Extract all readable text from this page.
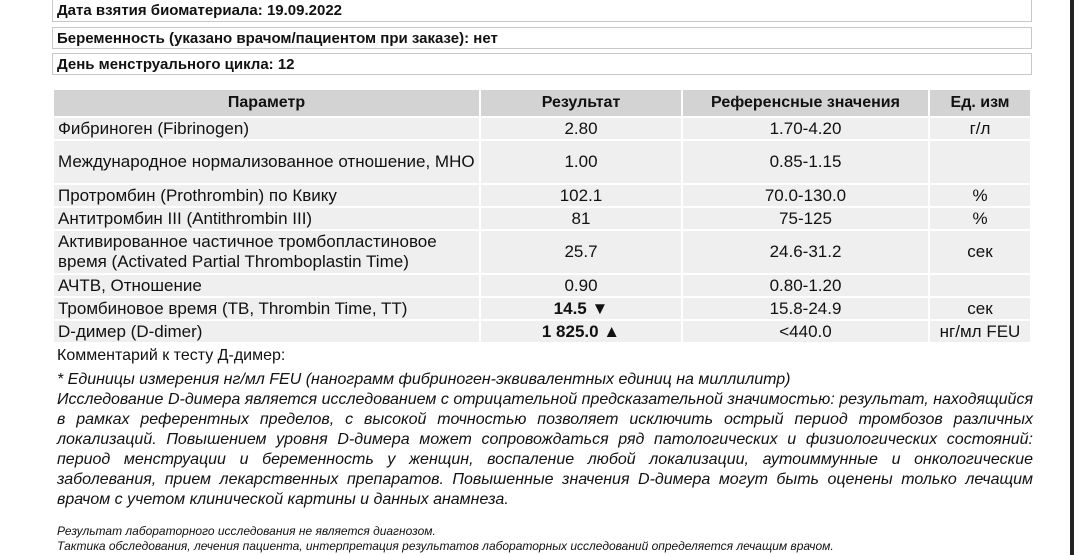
Дата взятия биоматериала: 19.09.2022
Беременность (указано врачом/пациентом при заказе): нет
День менструального цикла: 12
Параметр	Результат	Референсные значения	Ед. изм
Фибриноген (Fibrinogen)	2.80	1.70-4.20	г/л
Международное нормализованное отношение, МНО	1.00	0.85-1.15	
Протромбин (Prothrombin) по Квику	102.1	70.0-130.0	%
Антитромбин III (Antithrombin III)	81	75-125	%
Активированное частичное тромбопластиновое время (Activated Partial Thromboplastin Time)	25.7	24.6-31.2	сек
АЧТВ, Отношение	0.90	0.80-1.20	
Тромбиновое время (TB, Thrombin Time, TT)	14.5 ▼	15.8-24.9	сек
D-димер (D-dimer)	1 825.0 ▲	<440.0	нг/мл FEU
Комментарий к тесту Д-димер:

* Единицы измерения нг/мл FEU (нанограмм фибриноген-эквивалентных единиц на миллилитр)

Исследование D-димера является исследованием с отрицательной предсказательной значимостью: результат, находящийся в рамках референтных пределов, с высокой точностью позволяет исключить острый период тромбозов различных локализаций. Повышением уровня D-димера может сопровождаться ряд патологических и физиологических состояний: период менструации и беременность у женщин, воспаление любой локализации, аутоиммунные и онкологические заболевания, прием лекарственных препаратов. Повышенные значения D-димера могут быть оценены только лечащим врачом с учетом клинической картины и данных анамнеза.

Результат лабораторного исследования не является диагнозом.
Тактика обследования, лечения пациента, интерпретация результатов лабораторных исследований определяется лечащим врачом.
